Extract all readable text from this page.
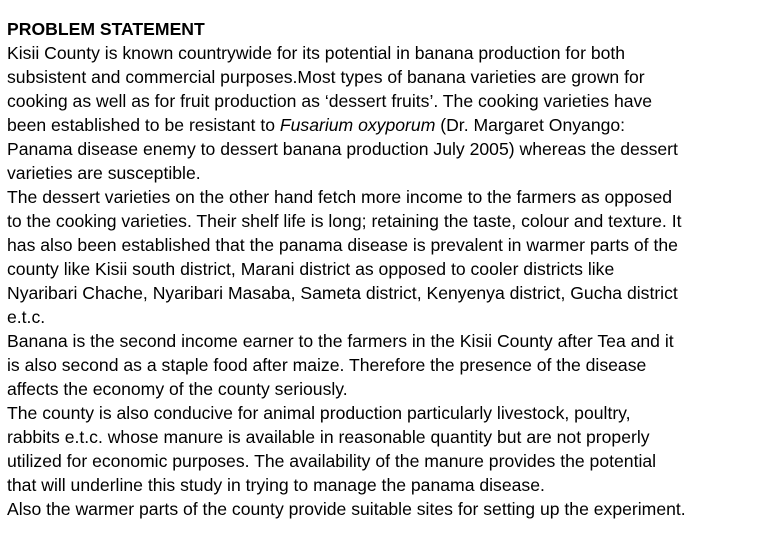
PROBLEM STATEMENT
Kisii County is known countrywide for its potential in banana production for both
subsistent and commercial purposes.Most types of banana varieties are grown for
cooking as well as for fruit production as ‘dessert fruits’. The cooking varieties have
been established to be resistant to Fusarium oxyporum (Dr. Margaret Onyango:
Panama disease enemy to dessert banana production July 2005) whereas the dessert
varieties are susceptible.
The dessert varieties on the other hand fetch more income to the farmers as opposed
to the cooking varieties. Their shelf life is long; retaining the taste, colour and texture. It
has also been established that the panama disease is prevalent in warmer parts of the
county like Kisii south district, Marani district as opposed to cooler districts like
Nyaribari Chache, Nyaribari Masaba, Sameta district, Kenyenya district, Gucha district
e.t.c.
Banana is the second income earner to the farmers in the Kisii County after Tea and it
is also second as a staple food after maize. Therefore the presence of the disease
affects the economy of the county seriously.
The county is also conducive for animal production particularly livestock, poultry,
rabbits e.t.c. whose manure is available in reasonable quantity but are not properly
utilized for economic purposes. The availability of the manure provides the potential
that will underline this study in trying to manage the panama disease.
Also the warmer parts of the county provide suitable sites for setting up the experiment.
